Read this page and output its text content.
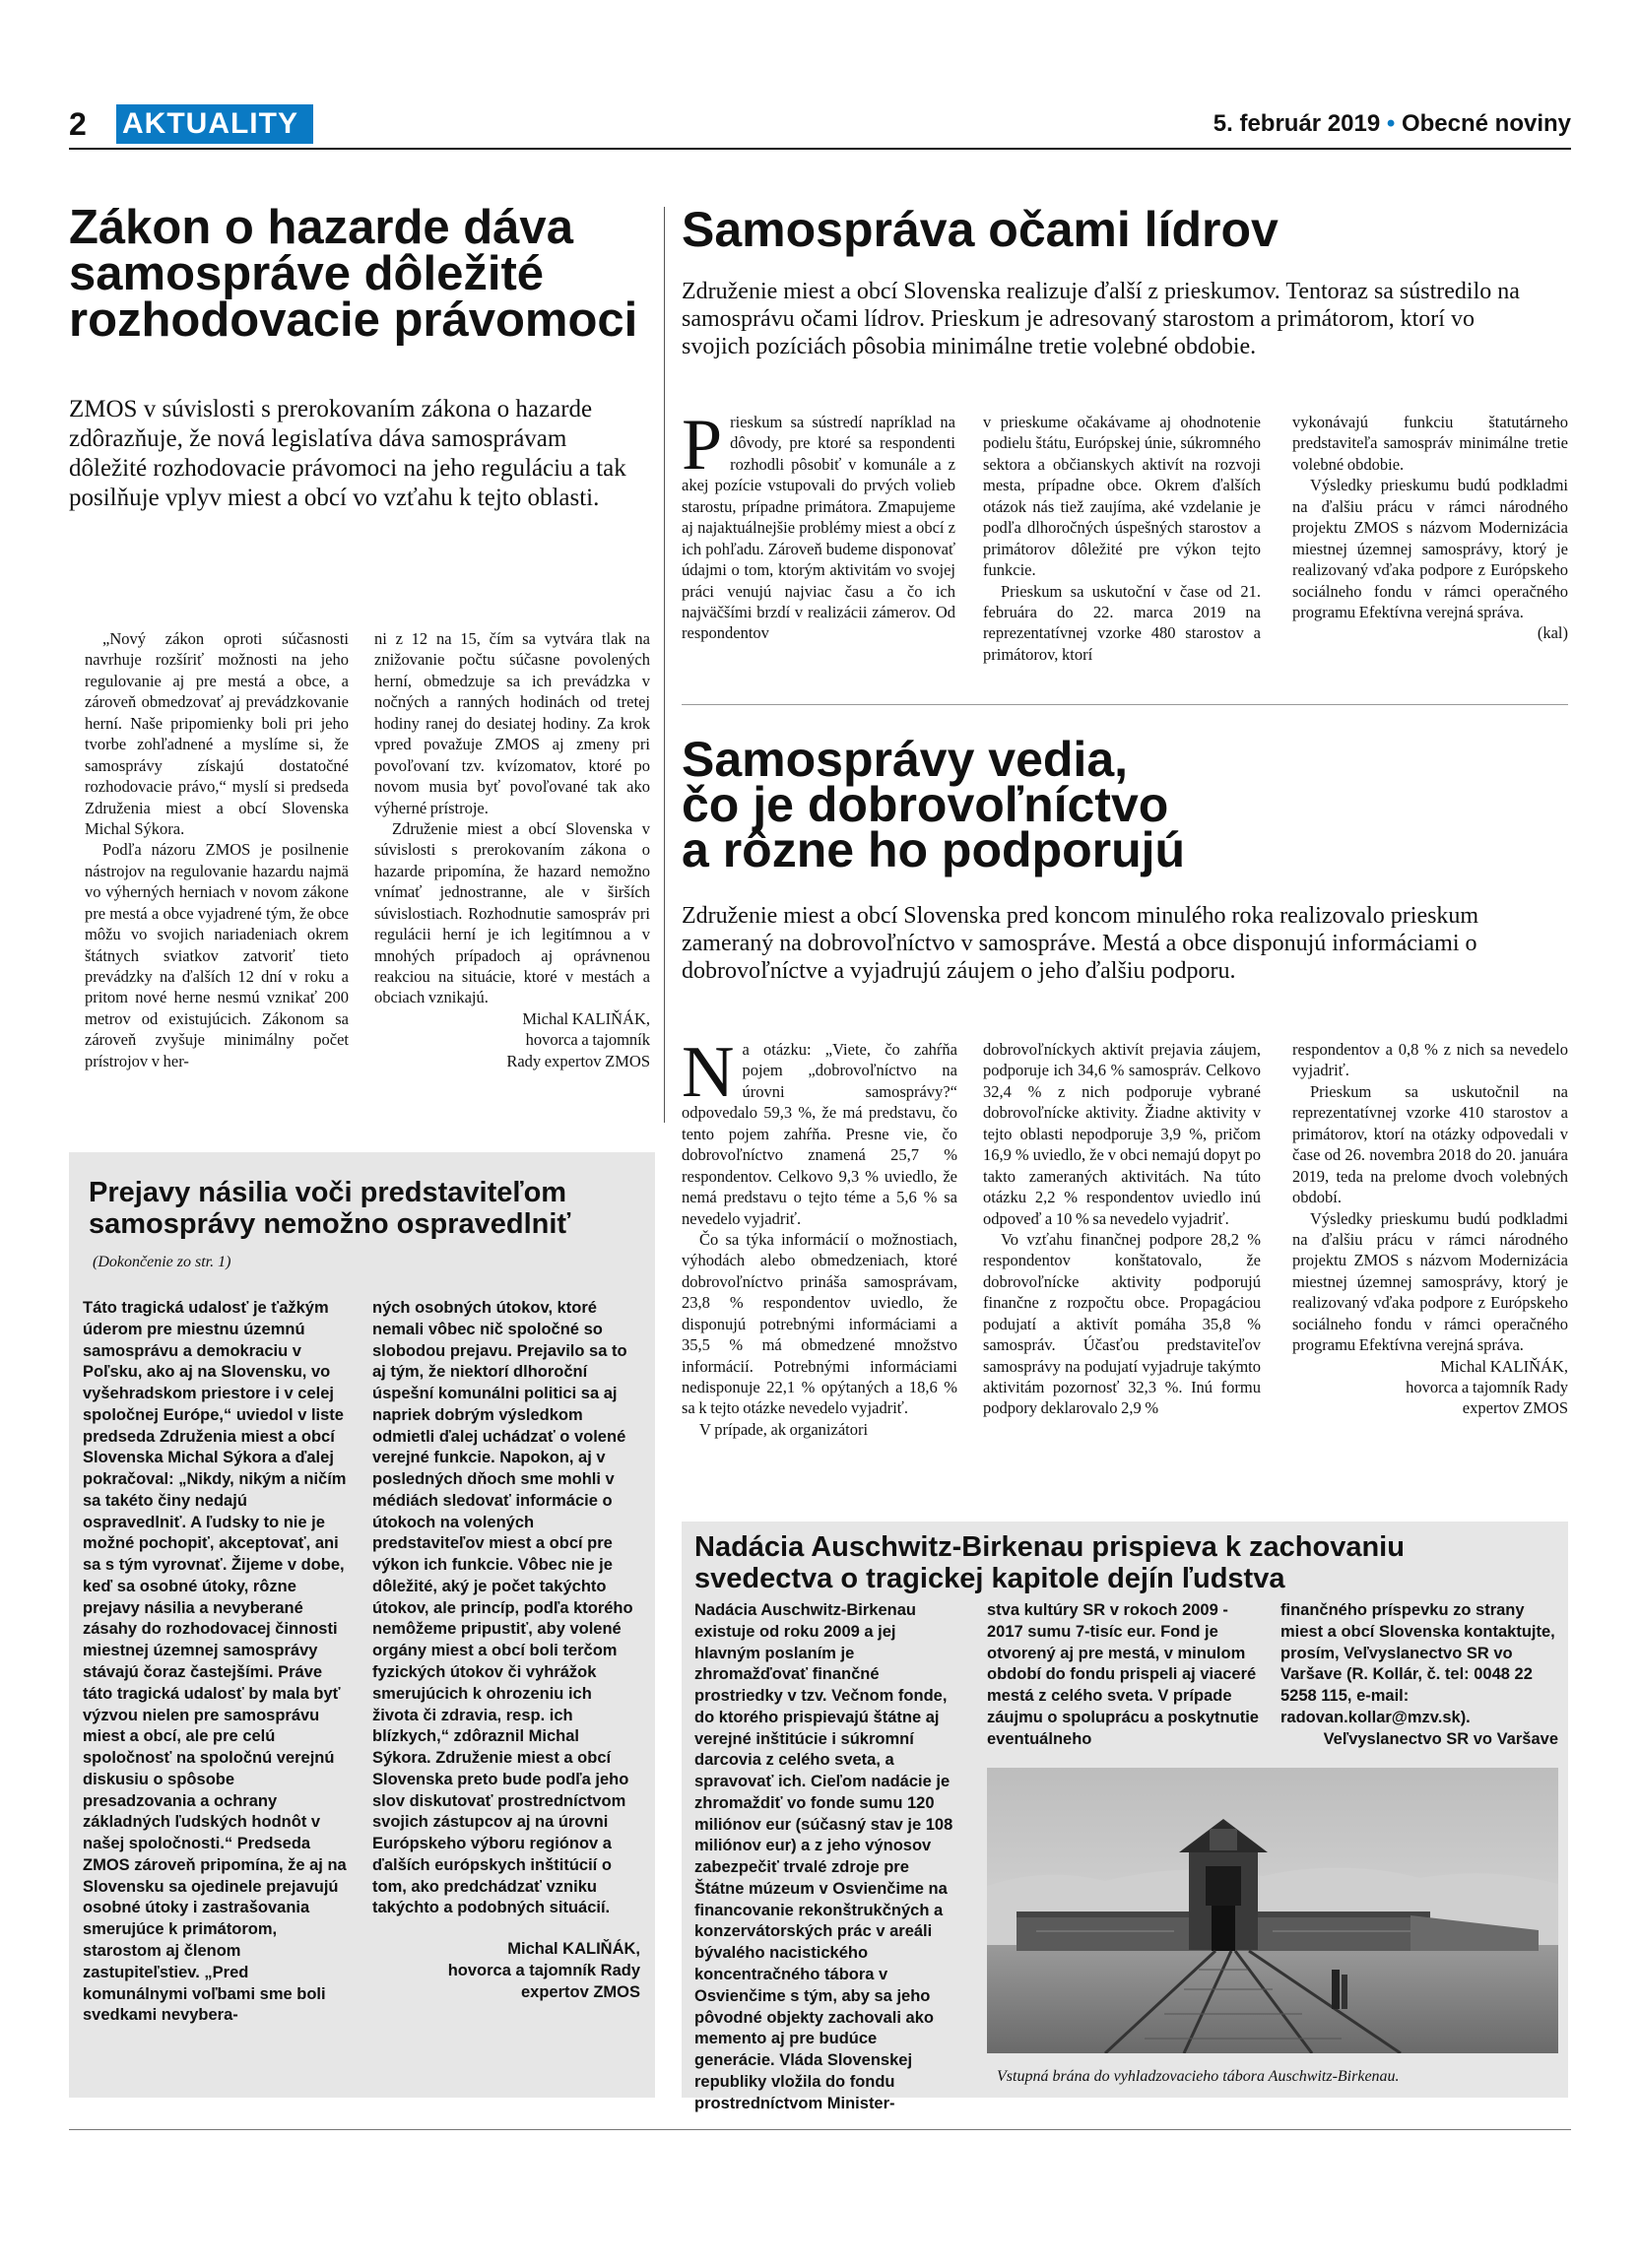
2 AKTUALITY	5. február 2019 • Obecné noviny
Zákon o hazarde dáva samospráve dôležité rozhodovacie právomoci
ZMOS v súvislosti s prerokovaním zákona o hazarde zdôrazňuje, že nová legislatíva dáva samosprávam dôležité rozhodovacie právomoci na jeho reguláciu a tak posilňuje vplyv miest a obcí vo vzťahu k tejto oblasti.

„Nový zákon oproti súčasnosti navrhuje rozšíriť možnosti na jeho regulovanie aj pre mestá a obce, a zároveň obmedzovať aj prevádzkovanie herní. Naše pripomienky boli pri jeho tvorbe zohľadnené a myslíme si, že samosprávy získajú dostatočné rozhodovacie právo,“ myslí si predseda Združenia miest a obcí Slovenska Michal Sýkora.

Podľa názoru ZMOS je posilnenie nástrojov na regulovanie hazardu najmä vo výherných herniach v novom zákone pre mestá a obce vyjadrené tým, že obce môžu vo svojich nariadeniach okrem štátnych sviatkov zatvoriť tieto prevádzky na ďalších 12 dní v roku a pritom nové herne nesmú vznikať 200 metrov od existujúcich. Zákonom sa zároveň zvyšuje minimálny počet prístrojov v her-

ni z 12 na 15, čím sa vytvára tlak na znižovanie počtu súčasne povolených herní, obmedzuje sa ich prevádzka v nočných a ranných hodinách od tretej hodiny ranej do desiatej hodiny. Za krok vpred považuje ZMOS aj zmeny pri povoľovaní tzv. kvízomatov, ktoré po novom musia byť povoľované tak ako výherné prístroje.

Združenie miest a obcí Slovenska v súvislosti s prerokovaním zákona o hazarde pripomína, že hazard nemožno vnímať jednostranne, ale v širších súvislostiach. Rozhodnutie samospráv pri regulácii herní je ich legitímnou a v mnohých prípadoch aj oprávnenou reakciou na situácie, ktoré v mestách a obciach vznikajú.

Michal KALIŇÁK,
hovorca a tajomník
Rady expertov ZMOS
Samospráva očami lídrov
Združenie miest a obcí Slovenska realizuje ďalší z prieskumov. Tentoraz sa sústredilo na samosprávu očami lídrov. Prieskum je adresovaný starostom a primátorom, ktorí vo svojich pozíciách pôsobia minimálne tretie volebné obdobie.
P rieskum sa sústredí napríklad na dôvody, pre ktoré sa respondenti rozhodli pôsobiť v komunále a z akej pozície vstupovali do prvých volieb starostu, prípadne primátora. Zmapujeme aj najaktuálnejšie problémy miest a obcí z ich pohľadu. Zároveň budeme disponovať údajmi o tom, ktorým aktivitám vo svojej práci venujú najviac času a čo ich najväčšími brzdí v realizácii zámerov. Od respondentov

v prieskume očakávame aj ohodnotenie podielu štátu, Európskej únie, súkromného sektora a občianskych aktivít na rozvoji mesta, prípadne obce. Okrem ďalších otázok nás tiež zaujíma, aké vzdelanie je podľa dlhoročných úspešných starostov a primátorov dôležité pre výkon tejto funkcie.

Prieskum sa uskutoční v čase od 21. februára do 22. marca 2019 na reprezentatívnej vzorke 480 starostov a primátorov, ktorí

vykonávajú funkciu štatutárneho predstaviteľa samospráv minimálne tretie volebné obdobie.

Výsledky prieskumu budú podkladmi na ďalšiu prácu v rámci národného projektu ZMOS s názvom Modernizácia miestnej územnej samosprávy, ktorý je realizovaný vďaka podpore z Európskeho sociálneho fondu v rámci operačného programu Efektívna verejná správa.

(kal)
Samosprávy vedia,
čo je dobrovoľníctvo
a rôzne ho podporujú
Združenie miest a obcí Slovenska pred koncom minulého roka realizovalo prieskum zameraný na dobrovoľníctvo v samospráve. Mestá a obce disponujú informáciami o dobrovoľníctve a vyjadrujú záujem o jeho ďalšiu podporu.
N a otázku: „Viete, čo zahŕňa pojem „dobrovoľníctvo na úrovni samosprávy?“ odpovedalo 59,3 %, že má predstavu, čo tento pojem zahŕňa. Presne vie, čo dobrovoľníctvo znamená 25,7 % respondentov. Celkovo 9,3 % uviedlo, že nemá predstavu o tejto téme a 5,6 % sa nevedelo vyjadriť.

Čo sa týka informácií o možnostiach, výhodách alebo obmedzeniach, ktoré dobrovoľníctvo prináša samosprávam, 23,8 % respondentov uviedlo, že disponujú potrebnými informáciami a 35,5 % má obmedzené množstvo informácií. Potrebnými informáciami nedisponuje 22,1 % opýtaných a 18,6 % sa k tejto otázke nevedelo vyjadriť.

V prípade, ak organizátori

dobrovoľníckych aktivít prejavia záujem, podporuje ich 34,6 % samospráv. Celkovo 32,4 % z nich podporuje vybrané dobrovoľnícke aktivity. Žiadne aktivity v tejto oblasti nepodporuje 3,9 %, pričom 16,9 % uviedlo, že v obci nemajú dopyt po takto zameraných aktivitách. Na túto otázku 2,2 % respondentov uviedlo inú odpoveď a 10 % sa nevedelo vyjadriť.

Vo vzťahu finančnej podpore 28,2 % respondentov konštatovalo, že dobrovoľnícke aktivity podporujú finančne z rozpočtu obce. Propagáciou podujatí a aktivít pomáha 35,8 % samospráv. Účasťou predstaviteľov samosprávy na podujatí vyjadruje takýmto aktivitám pozornosť 32,3 %. Inú formu podpory deklarovalo 2,9 %

respondentov a 0,8 % z nich sa nevedelo vyjadriť.

Prieskum sa uskutočnil na reprezentatívnej vzorke 410 starostov a primátorov, ktorí na otázky odpovedali v čase od 26. novembra 2018 do 20. januára 2019, teda na prelome dvoch volebných období.

Výsledky prieskumu budú podkladmi na ďalšiu prácu v rámci národného projektu ZMOS s názvom Modernizácia miestnej územnej samosprávy, ktorý je realizovaný vďaka podpore z Európskeho sociálneho fondu v rámci operačného programu Efektívna verejná správa.

Michal KALIŇÁK,
hovorca a tajomník Rady
expertov ZMOS
Prejavy násilia voči predstaviteľom
samosprávy nemožno ospravedlniť
(Dokončenie zo str. 1)

Táto tragická udalosť je ťažkým úderom pre miestnu územnú samosprávu a demokraciu v Poľsku, ako aj na Slovensku, vo vyšehradskom priestore i v celej spoločnej Európe,“ uviedol v liste predseda Združenia miest a obcí Slovenska Michal Sýkora a ďalej pokračoval: „Nikdy, nikým a ničím sa takéto činy nedajú ospravedlniť. A ľudsky to nie je možné pochopiť, akceptovať, ani sa s tým vyrovnať. Žijeme v dobe, keď sa osobné útoky, rôzne prejavy násilia a nevyberané zásahy do rozhodovacej činnosti miestnej územnej samosprávy stávajú čoraz častejšími. Práve táto tragická udalosť by mala byť výzvou nielen pre samosprávu miest a obcí, ale pre celú spoločnosť na spoločnú verejnú diskusiu o spôsobe presadzovania a ochrany základných ľudských hodnôt v našej spoločnosti.“ Predseda ZMOS zároveň pripomína, že aj na Slovensku sa ojedinele prejavujú osobné útoky i zastrašovania smerujúce k primátorom, starostom aj členom zastupiteľstiev. „Pred komunálnymi voľbami sme boli svedkami nevybera-

ných osobných útokov, ktoré nemali vôbec nič spoločné so slobodou prejavu. Prejavilo sa to aj tým, že niektorí dlhoroční úspešní komunálni politici sa aj napriek dobrým výsledkom odmietli ďalej uchádzať o volené verejné funkcie. Napokon, aj v posledných dňoch sme mohli v médiách sledovať informácie o útokoch na volených predstaviteľov miest a obcí pre výkon ich funkcie. Vôbec nie je dôležité, aký je počet takýchto útokov, ale princíp, podľa ktorého nemôžeme pripustiť, aby volené orgány miest a obcí boli terčom fyzických útokov či vyhrážok smerujúcich k ohrozeniu ich života či zdravia, resp. ich blízkych,“ zdôraznil Michal Sýkora. Združenie miest a obcí Slovenska preto bude podľa jeho slov diskutovať prostredníctvom svojich zástupcov aj na úrovni Európskeho výboru regiónov a ďalších európskych inštitúcií o tom, ako predchádzať vzniku takýchto a podobných situácií.

Michal KALIŇÁK,
hovorca a tajomník Rady
expertov ZMOS
Nadácia Auschwitz-Birkenau prispieva k zachovaniu
svedectva o tragickej kapitole dejín ľudstva

Nadácia Auschwitz-Birkenau existuje od roku 2009 a jej hlavným poslaním je zhromažďovať finančné prostriedky v tzv. Večnom fonde, do ktorého prispievajú štátne aj verejné inštitúcie i súkromní darcovia z celého sveta, a spravovať ich. Cieľom nadácie je zhromaždiť vo fonde sumu 120 miliónov eur (súčasný stav je 108 miliónov eur) a z jeho výnosov zabezpečiť trvalé zdroje pre Štátne múzeum v Osvienčime na financovanie rekonštrukčných a konzervátorských prác v areáli bývalého nacistického koncentračného tábora v Osvienčime s tým, aby sa jeho pôvodné objekty zachovali ako memento aj pre budúce generácie. Vláda Slovenskej republiky vložila do fondu prostredníctvom Minister-

stva kultúry SR v rokoch 2009 - 2017 sumu 7-tisíc eur. Fond je otvorený aj pre mestá, v minulom období do fondu prispeli aj viaceré mestá z celého sveta. V prípade záujmu o spoluprácu a poskytnutie eventuálneho

finančného príspevku zo strany miest a obcí Slovenska kontaktujte, prosím, Veľvyslanectvo SR vo Varšave (R. Kollár, č. tel: 0048 22 5258 115, e-mail: radovan.kollar@mzv.sk).

Veľvyslanectvo SR vo Varšave
Vstupná brána do vyhladzovacieho tábora Auschwitz-Birkenau.
